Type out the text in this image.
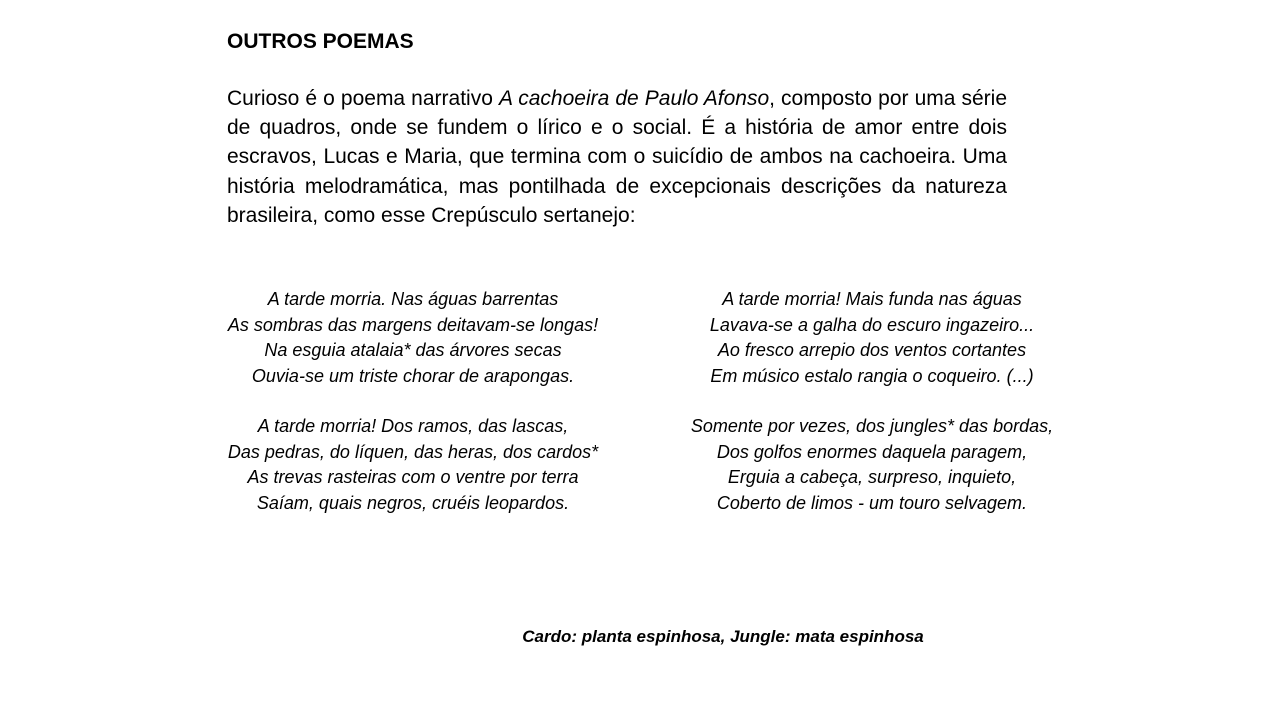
OUTROS POEMAS

Curioso é o poema narrativo A cachoeira de Paulo Afonso, composto por uma série de quadros, onde se fundem o lírico e o social. É a história de amor entre dois escravos, Lucas e Maria, que termina com o suicídio de ambos na cachoeira. Uma história melodramática, mas pontilhada de excepcionais descrições da natureza brasileira, como esse Crepúsculo sertanejo:

A tarde morria. Nas águas barrentas
As sombras das margens deitavam-se longas!
Na esguia atalaia* das árvores secas
Ouvia-se um triste chorar de arapongas.

A tarde morria! Dos ramos, das lascas,
Das pedras, do líquen, das heras, dos cardos*
As trevas rasteiras com o ventre por terra
Saíam, quais negros, cruéis leopardos.

A tarde morria! Mais funda nas águas
Lavava-se a galha do escuro ingazeiro...
Ao fresco arrepio dos ventos cortantes
Em músico estalo rangia o coqueiro. (...)

Somente por vezes, dos jungles* das bordas,
Dos golfos enormes daquela paragem,
Erguia a cabeça, surpreso, inquieto,
Coberto de limos - um touro selvagem.

Cardo: planta espinhosa, Jungle: mata espinhosa
